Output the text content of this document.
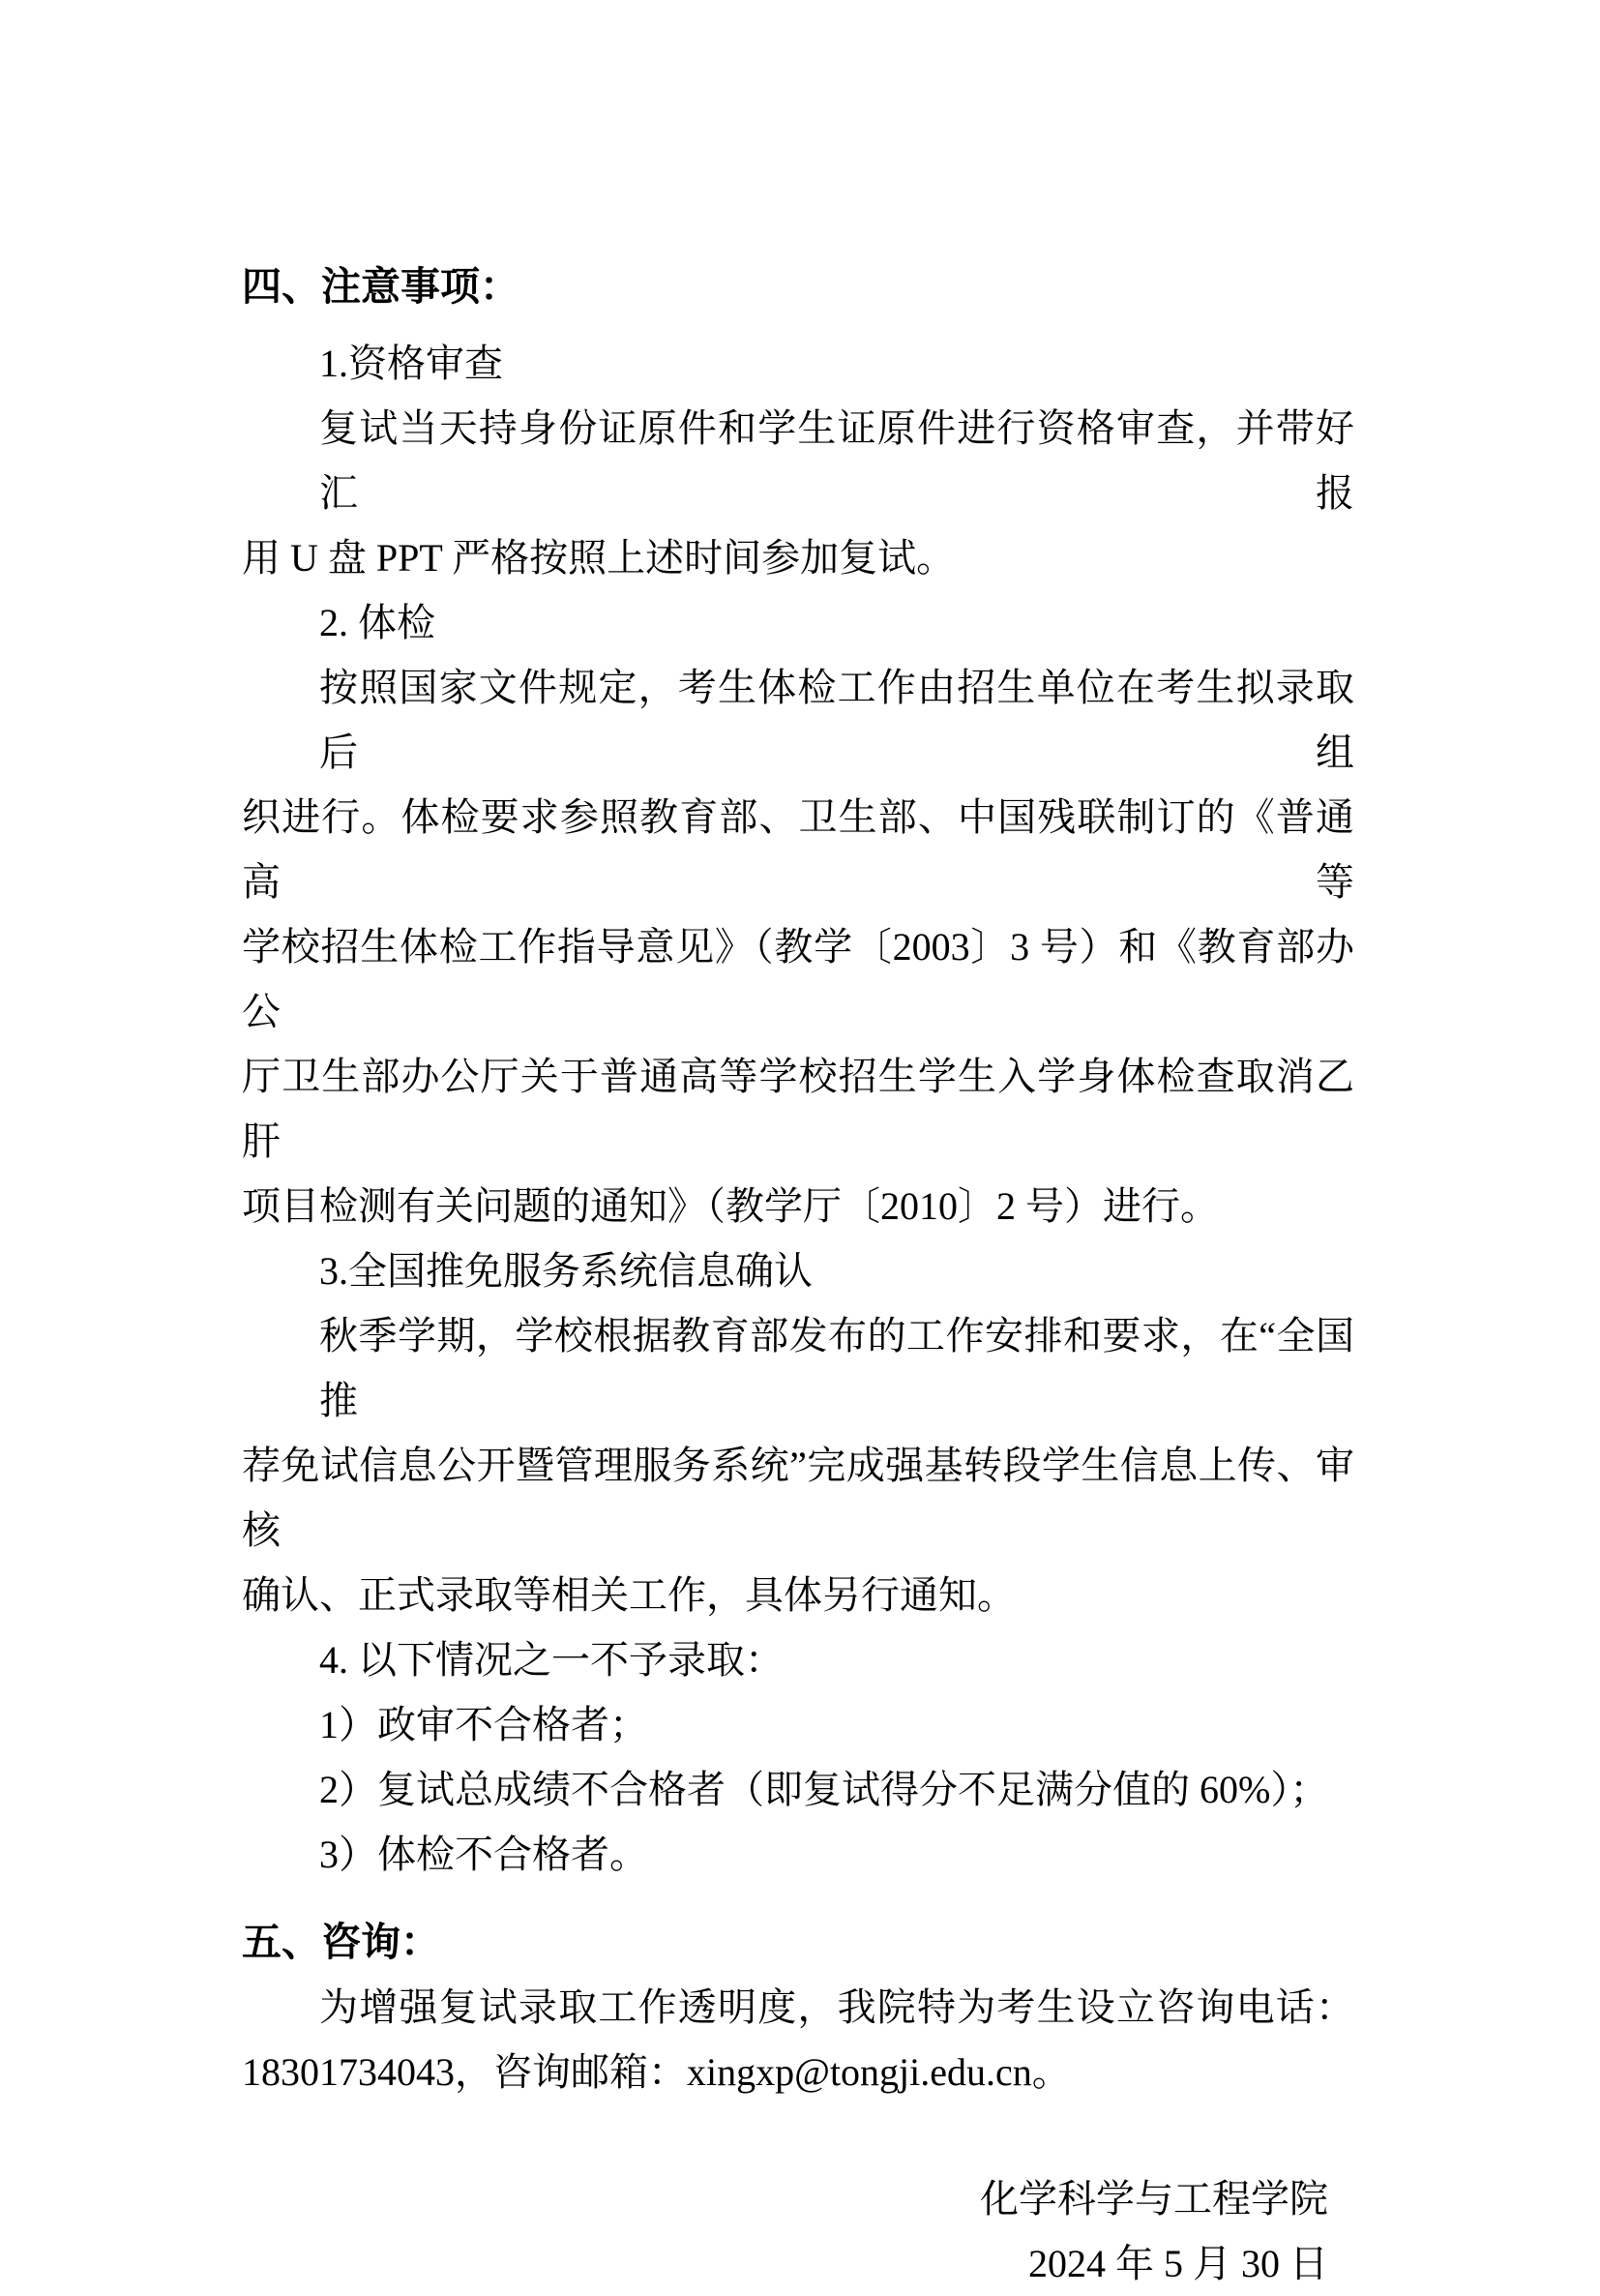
四、注意事项：
1.资格审查
复试当天持身份证原件和学生证原件进行资格审查，并带好汇报
用 U 盘 PPT 严格按照上述时间参加复试。
2. 体检
按照国家文件规定，考生体检工作由招生单位在考生拟录取后组
织进行。体检要求参照教育部、卫生部、中国残联制订的《普通高等
学校招生体检工作指导意见》（教学〔2003〕3 号）和《教育部办公
厅卫生部办公厅关于普通高等学校招生学生入学身体检查取消乙肝
项目检测有关问题的通知》（教学厅〔2010〕2 号）进行。
3.全国推免服务系统信息确认
秋季学期，学校根据教育部发布的工作安排和要求，在“全国推
荐免试信息公开暨管理服务系统”完成强基转段学生信息上传、审核
确认、正式录取等相关工作，具体另行通知。
4. 以下情况之一不予录取：
1）政审不合格者；
2）复试总成绩不合格者（即复试得分不足满分值的 60%）；
3）体检不合格者。
五、咨询：
为增强复试录取工作透明度，我院特为考生设立咨询电话：
18301734043，咨询邮箱：xingxp@tongji.edu.cn。
化学科学与工程学院
2024 年 5 月 30 日
